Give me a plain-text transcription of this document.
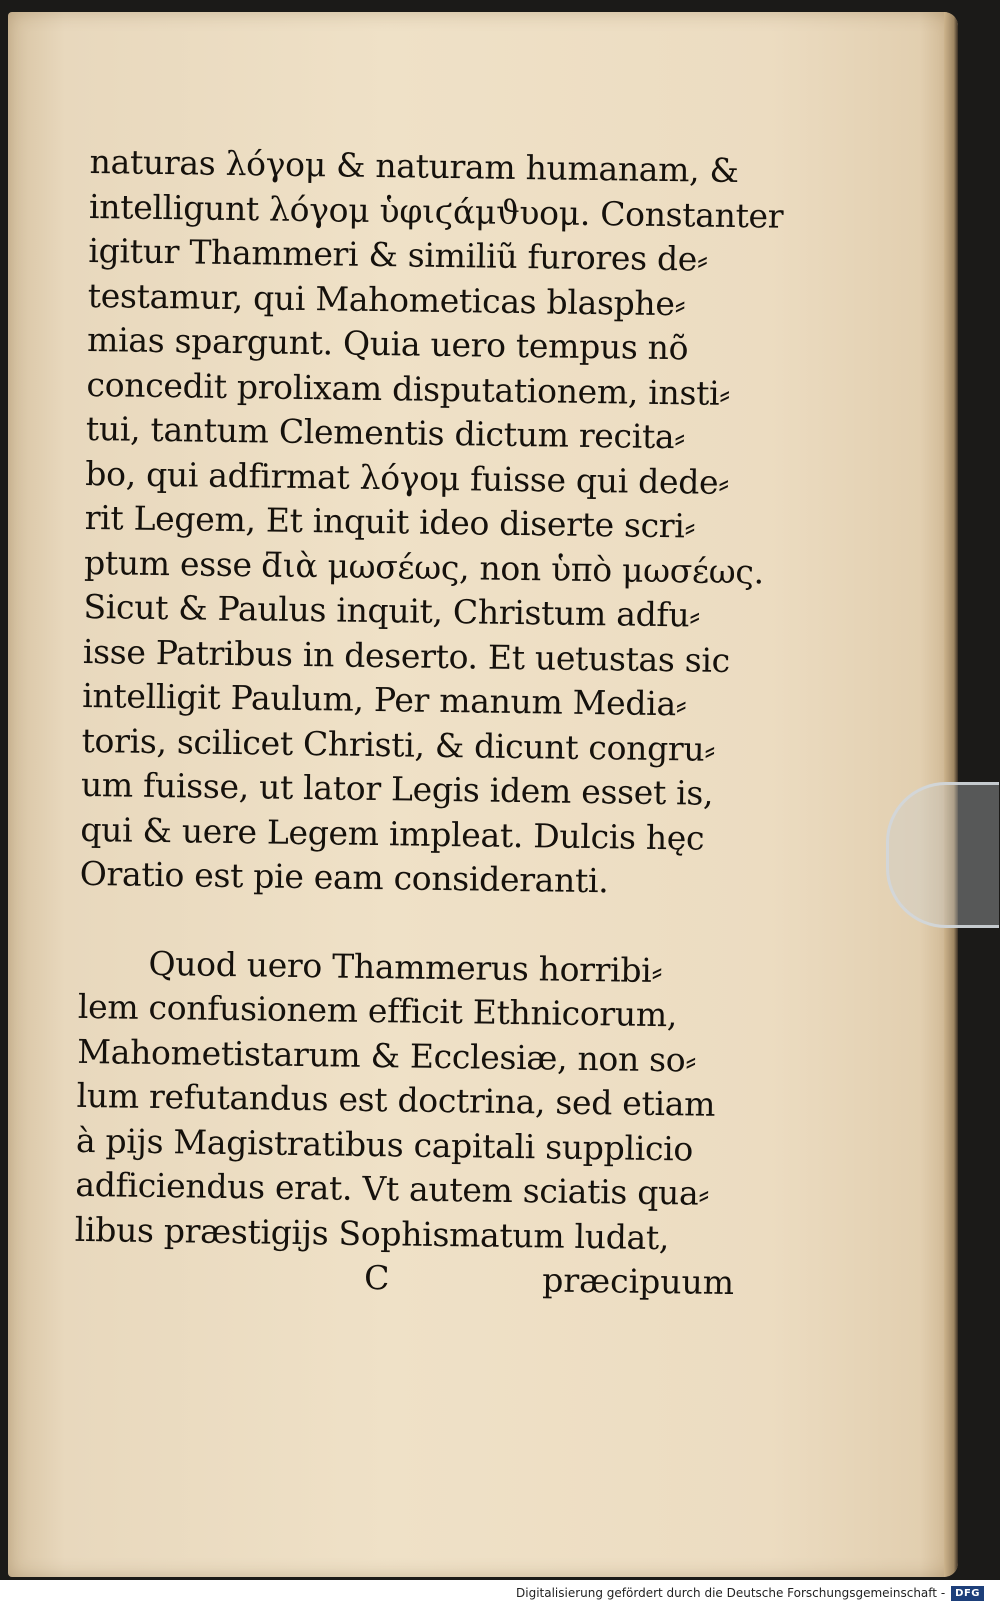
naturas λόγομ & naturam humanam, &
intelligunt λόγομ ὑφιϛάμϑυομ. Constanter
igitur Thammeri & similiũ furores de⸗
testamur, qui Mahometicas blasphe⸗
mias spargunt. Quia uero tempus nõ
concedit prolixam disputationem, insti⸗
tui, tantum Clementis dictum recita⸗
bo, qui adfirmat λόγομ fuisse qui dede⸗
rit Legem, Et inquit ideo diserte scri⸗
ptum esse ƌιὰ μωσέως, non ὑπὸ μωσέως.
Sicut & Paulus inquit, Christum adfu⸗
isse Patribus in deserto. Et uetustas sic
intelligit Paulum, Per manum Media⸗
toris, scilicet Christi, & dicunt congru⸗
um fuisse, ut lator Legis idem esset is,
qui & uere Legem impleat. Dulcis hęc
Oratio est pie eam consideranti.
Quod uero Thammerus horribi⸗
lem confusionem efficit Ethnicorum,
Mahometistarum & Ecclesiæ, non so⸗
lum refutandus est doctrina, sed etiam
à pijs Magistratibus capitali supplicio
adficiendus erat. Vt autem sciatis qua⸗
libus præstigijs Sophismatum ludat,
C	præcipuum
Digitalisierung gefördert durch die Deutsche Forschungsgemeinschaft -	DFG
